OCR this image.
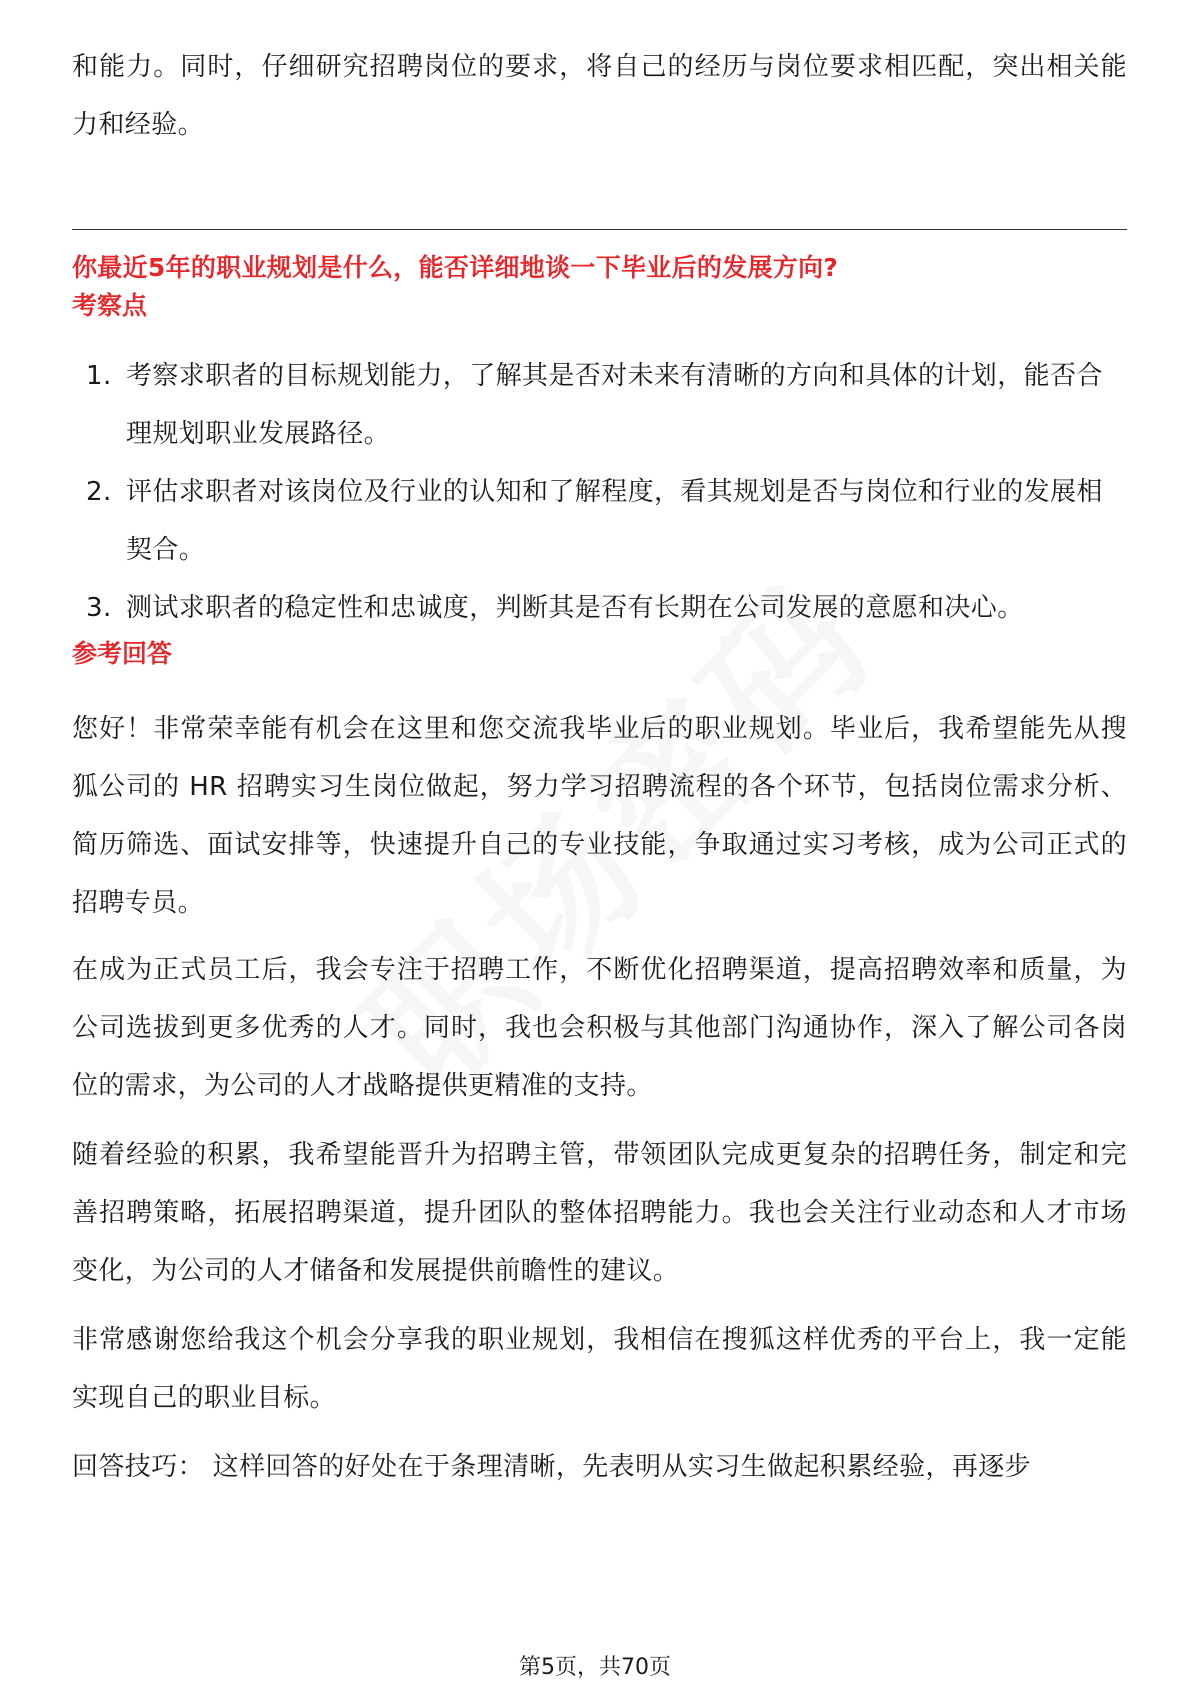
和能力。同时，仔细研究招聘岗位的要求，将自己的经历与岗位要求相匹配，突出相关能力和经验。

你最近5年的职业规划是什么，能否详细地谈一下毕业后的发展方向?

考察点

1. 考察求职者的目标规划能力，了解其是否对未来有清晰的方向和具体的计划，能否合理规划职业发展路径。
2. 评估求职者对该岗位及行业的认知和了解程度，看其规划是否与岗位和行业的发展相契合。
3. 测试求职者的稳定性和忠诚度，判断其是否有长期在公司发展的意愿和决心。

参考回答

您好！非常荣幸能有机会在这里和您交流我毕业后的职业规划。毕业后，我希望能先从搜狐公司的 HR 招聘实习生岗位做起，努力学习招聘流程的各个环节，包括岗位需求分析、简历筛选、面试安排等，快速提升自己的专业技能，争取通过实习考核，成为公司正式的招聘专员。

在成为正式员工后，我会专注于招聘工作，不断优化招聘渠道，提高招聘效率和质量，为公司选拔到更多优秀的人才。同时，我也会积极与其他部门沟通协作，深入了解公司各岗位的需求，为公司的人才战略提供更精准的支持。

随着经验的积累，我希望能晋升为招聘主管，带领团队完成更复杂的招聘任务，制定和完善招聘策略，拓展招聘渠道，提升团队的整体招聘能力。我也会关注行业动态和人才市场变化，为公司的人才储备和发展提供前瞻性的建议。

非常感谢您给我这个机会分享我的职业规划，我相信在搜狐这样优秀的平台上，我一定能实现自己的职业目标。

回答技巧： 这样回答的好处在于条理清晰，先表明从实习生做起积累经验，再逐步

第5页，共70页
